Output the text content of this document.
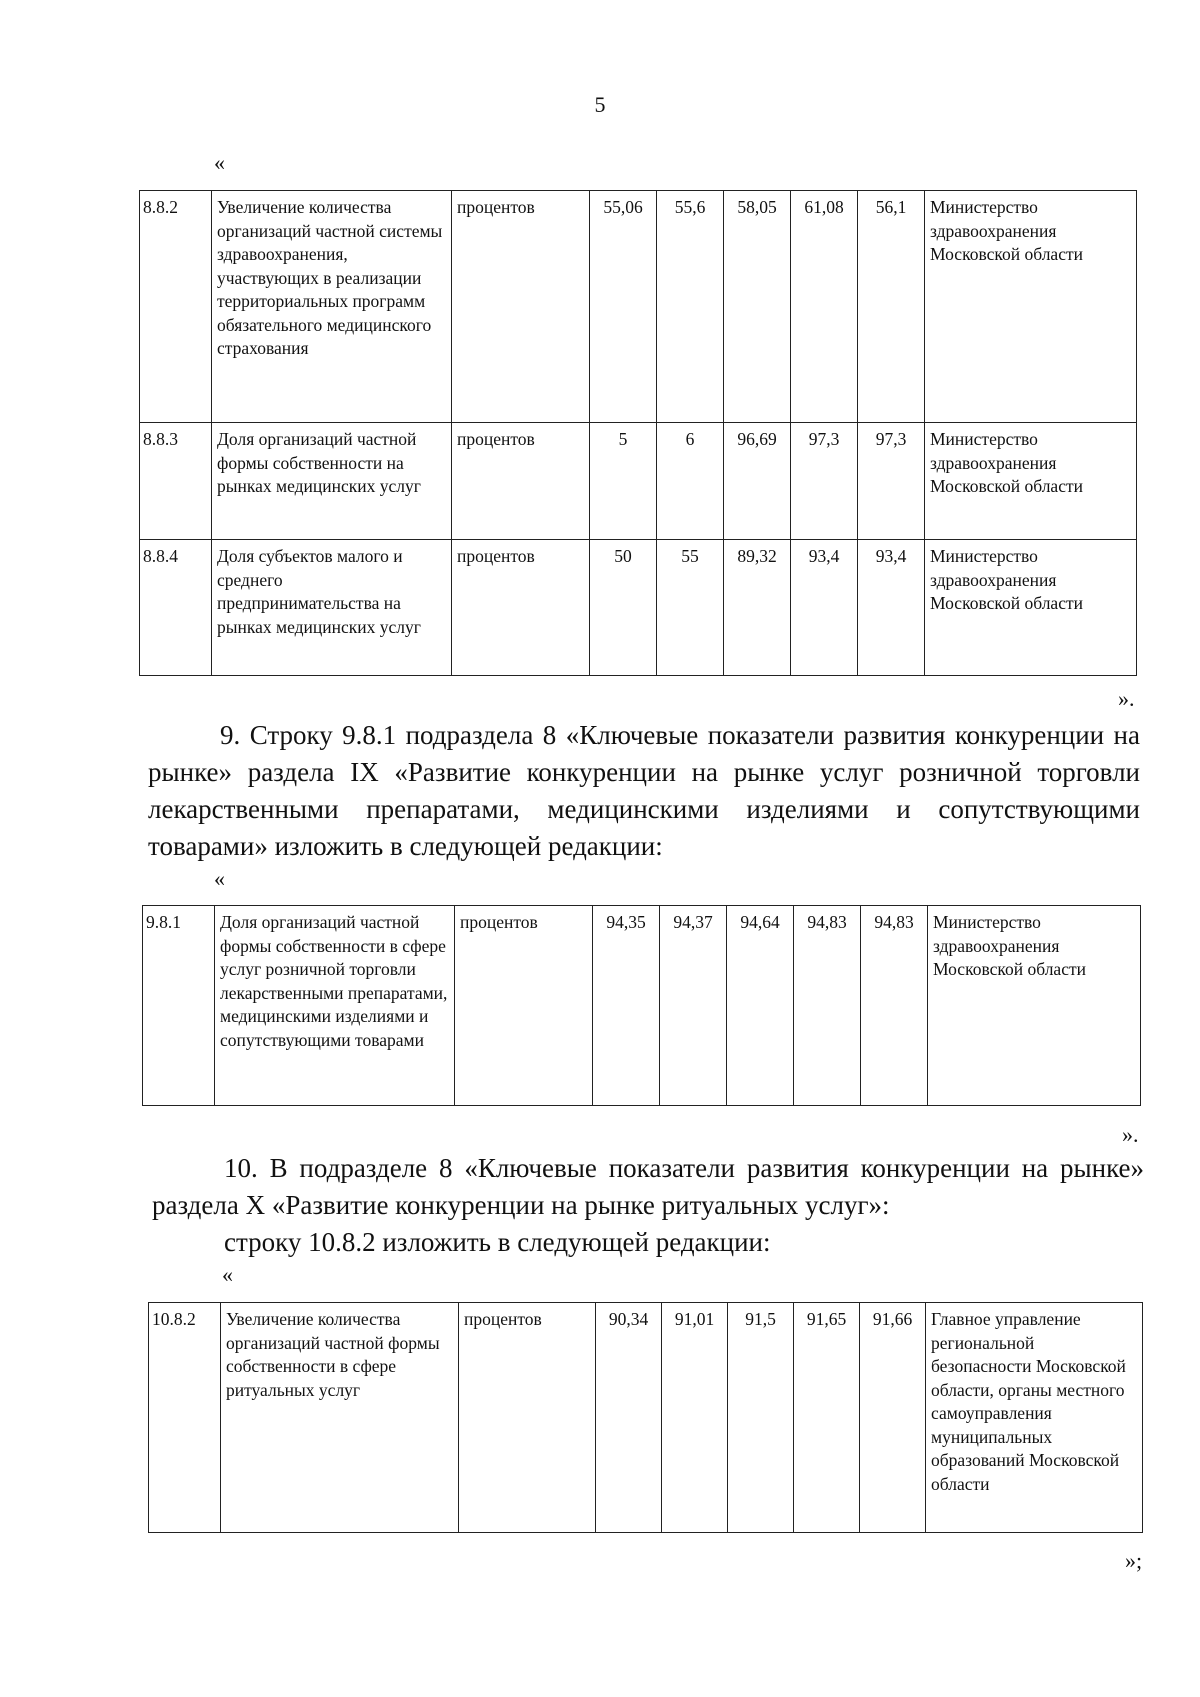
5
«
8.8.2	Увеличение количества организаций частной системы здравоохранения, участвующих в реализации территориальных программ обязательного медицинского страхования	процентов	55,06	55,6	58,05	61,08	56,1	Министерство здравоохранения Московской области
8.8.3	Доля организаций частной формы собственности на рынках медицинских услуг	процентов	5	6	96,69	97,3	97,3	Министерство здравоохранения Московской области
8.8.4	Доля субъектов малого и среднего предпринимательства на рынках медицинских услуг	процентов	50	55	89,32	93,4	93,4	Министерство здравоохранения Московской области
».

9. Строку 9.8.1 подраздела 8 «Ключевые показатели развития конкуренции на рынке» раздела IX «Развитие конкуренции на рынке услуг розничной торговли лекарственными препаратами, медицинскими изделиями и сопутствующими товарами» изложить в следующей редакции:

«
9.8.1	Доля организаций частной формы собственности в сфере услуг розничной торговли лекарственными препаратами, медицинскими изделиями и сопутствующими товарами	процентов	94,35	94,37	94,64	94,83	94,83	Министерство здравоохранения Московской области
».

10. В подразделе 8 «Ключевые показатели развития конкуренции на рынке» раздела X «Развитие конкуренции на рынке ритуальных услуг»:

строку 10.8.2 изложить в следующей редакции:

«
10.8.2	Увеличение количества организаций частной формы собственности в сфере ритуальных услуг	процентов	90,34	91,01	91,5	91,65	91,66	Главное управление региональной безопасности Московской области, органы местного самоуправления муниципальных образований Московской области
»;
